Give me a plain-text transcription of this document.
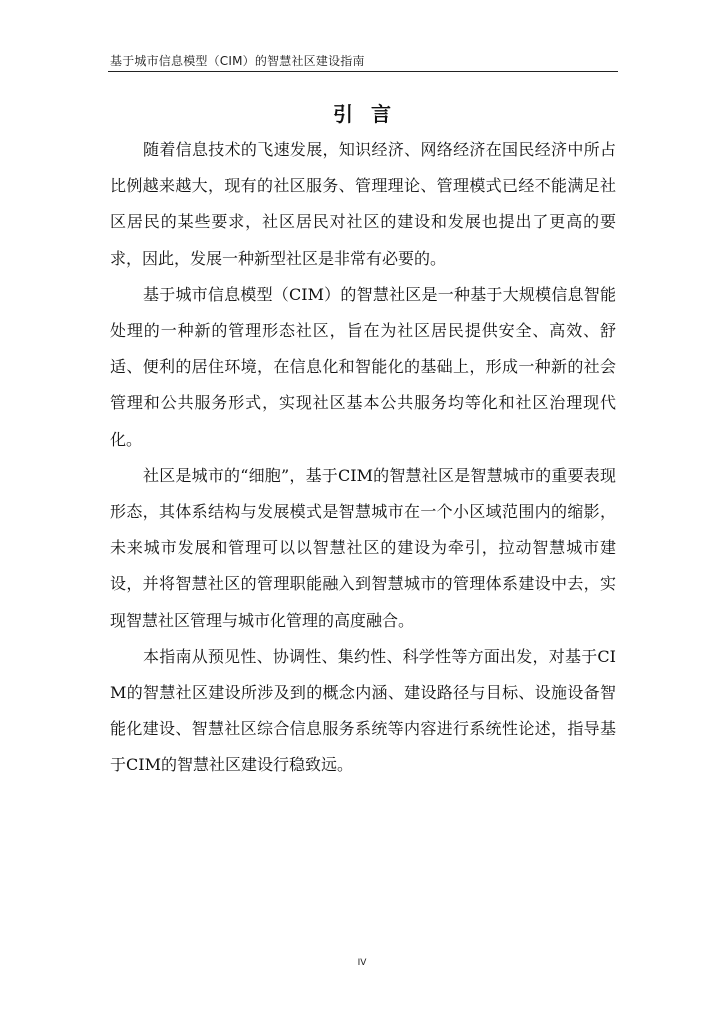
基于城市信息模型（CIM）的智慧社区建设指南
引言

随着信息技术的飞速发展，知识经济、网络经济在国民经济中所占比例越来越大，现有的社区服务、管理理论、管理模式已经不能满足社区居民的某些要求，社区居民对社区的建设和发展也提出了更高的要求，因此，发展一种新型社区是非常有必要的。

基于城市信息模型（CIM）的智慧社区是一种基于大规模信息智能处理的一种新的管理形态社区，旨在为社区居民提供安全、高效、舒适、便利的居住环境，在信息化和智能化的基础上，形成一种新的社会管理和公共服务形式，实现社区基本公共服务均等化和社区治理现代化。

社区是城市的“细胞”，基于CIM的智慧社区是智慧城市的重要表现形态，其体系结构与发展模式是智慧城市在一个小区域范围内的缩影，未来城市发展和管理可以以智慧社区的建设为牵引，拉动智慧城市建设，并将智慧社区的管理职能融入到智慧城市的管理体系建设中去，实现智慧社区管理与城市化管理的高度融合。

本指南从预见性、协调性、集约性、科学性等方面出发，对基于CIM的智慧社区建设所涉及到的概念内涵、建设路径与目标、设施设备智能化建设、智慧社区综合信息服务系统等内容进行系统性论述，指导基于CIM的智慧社区建设行稳致远。

IV
